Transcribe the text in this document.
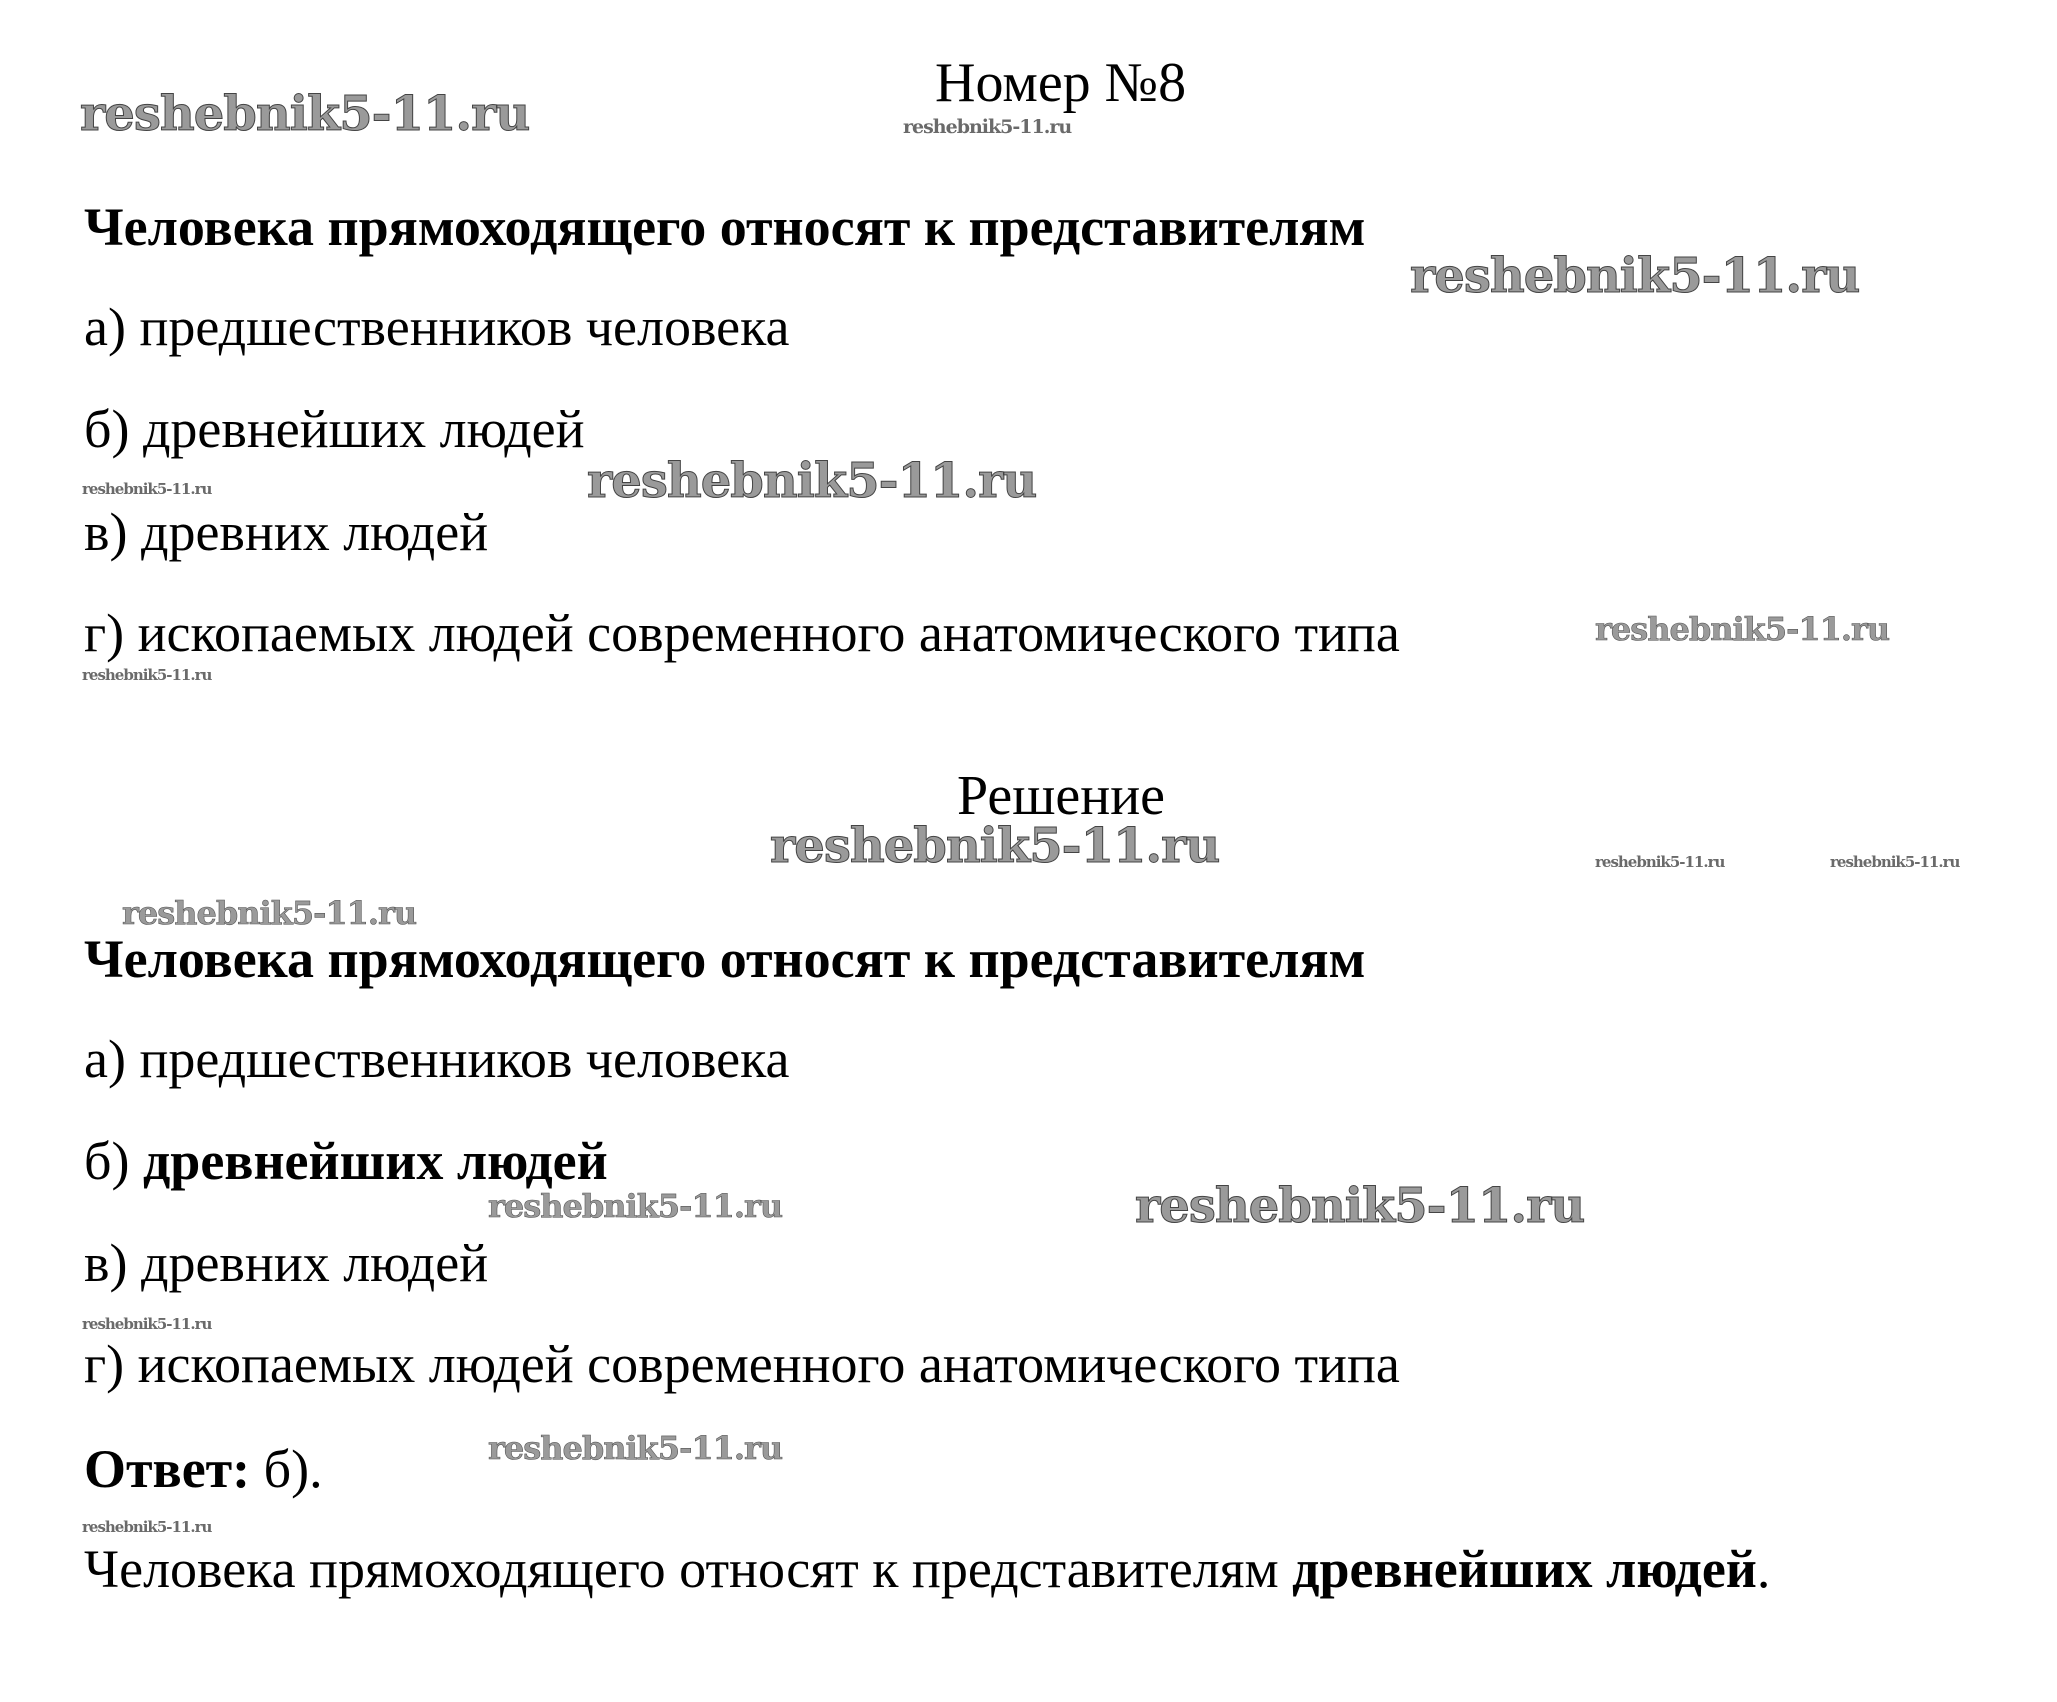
Номер №8
Человека прямоходящего относят к представителям
а) предшественников человека
б) древнейших людей
в) древних людей
г) ископаемых людей современного анатомического типа
Решение
Человека прямоходящего относят к представителям
а) предшественников человека
б) древнейших людей
в) древних людей
г) ископаемых людей современного анатомического типа
Ответ: б).
Человека прямоходящего относят к представителям древнейших людей.
reshebnik5-11.ru	reshebnik5-11.ru
reshebnik5-11.ru
reshebnik5-11.ru
reshebnik5-11.ru
reshebnik5-11.ru
reshebnik5-11.ru
reshebnik5-11.ru	reshebnik5-11.ru	reshebnik5-11.ru
reshebnik5-11.ru
reshebnik5-11.ru	reshebnik5-11.ru
reshebnik5-11.ru
reshebnik5-11.ru
reshebnik5-11.ru
